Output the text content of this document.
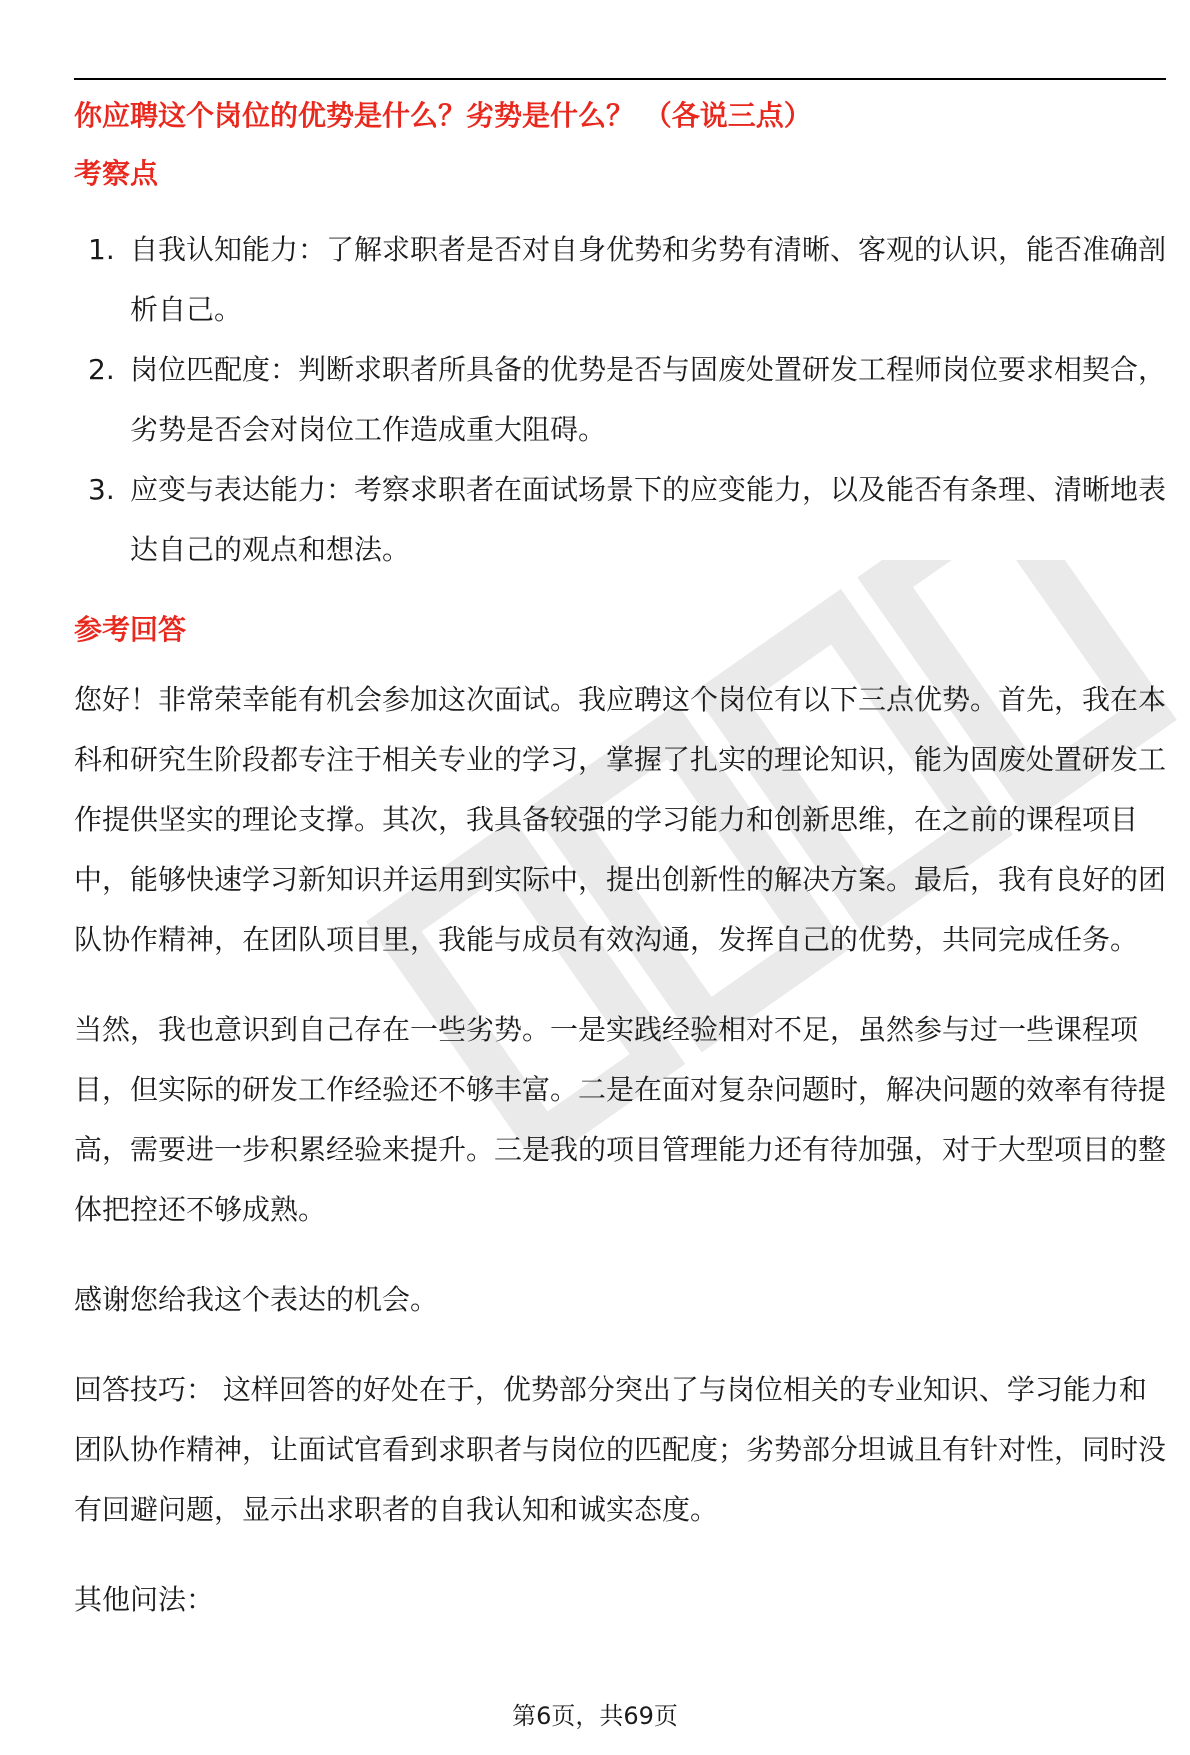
你应聘这个岗位的优势是什么？劣势是什么？ （各说三点）

考察点

1. 自我认知能力：了解求职者是否对自身优势和劣势有清晰、客观的认识，能否准确剖析自己。
2. 岗位匹配度：判断求职者所具备的优势是否与固废处置研发工程师岗位要求相契合，劣势是否会对岗位工作造成重大阻碍。
3. 应变与表达能力：考察求职者在面试场景下的应变能力，以及能否有条理、清晰地表达自己的观点和想法。

参考回答

您好！非常荣幸能有机会参加这次面试。我应聘这个岗位有以下三点优势。首先，我在本科和研究生阶段都专注于相关专业的学习，掌握了扎实的理论知识，能为固废处置研发工作提供坚实的理论支撑。其次，我具备较强的学习能力和创新思维，在之前的课程项目中，能够快速学习新知识并运用到实际中，提出创新性的解决方案。最后，我有良好的团队协作精神，在团队项目里，我能与成员有效沟通，发挥自己的优势，共同完成任务。

当然，我也意识到自己存在一些劣势。一是实践经验相对不足，虽然参与过一些课程项目，但实际的研发工作经验还不够丰富。二是在面对复杂问题时，解决问题的效率有待提高，需要进一步积累经验来提升。三是我的项目管理能力还有待加强，对于大型项目的整体把控还不够成熟。

感谢您给我这个表达的机会。

回答技巧： 这样回答的好处在于，优势部分突出了与岗位相关的专业知识、学习能力和团队协作精神，让面试官看到求职者与岗位的匹配度；劣势部分坦诚且有针对性，同时没有回避问题，显示出求职者的自我认知和诚实态度。

其他问法：

第6页，共69页
